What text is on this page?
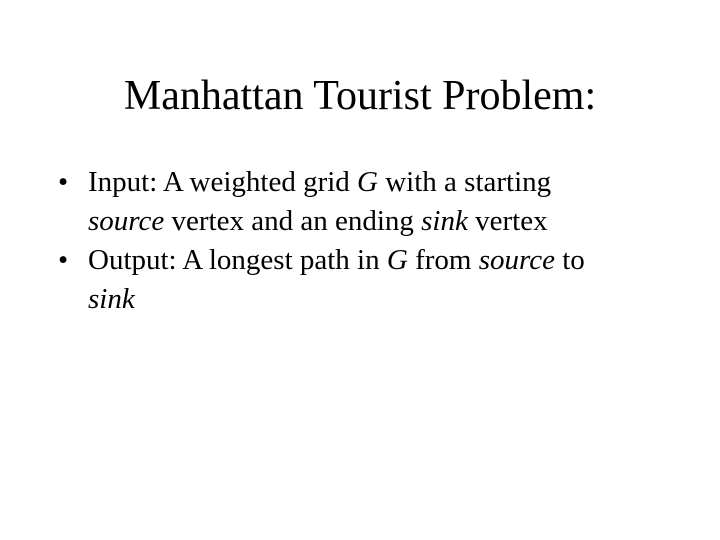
Manhattan Tourist Problem:
• Input: A weighted grid G with a starting
source vertex and an ending sink vertex
• Output: A longest path in G from source to
sink
